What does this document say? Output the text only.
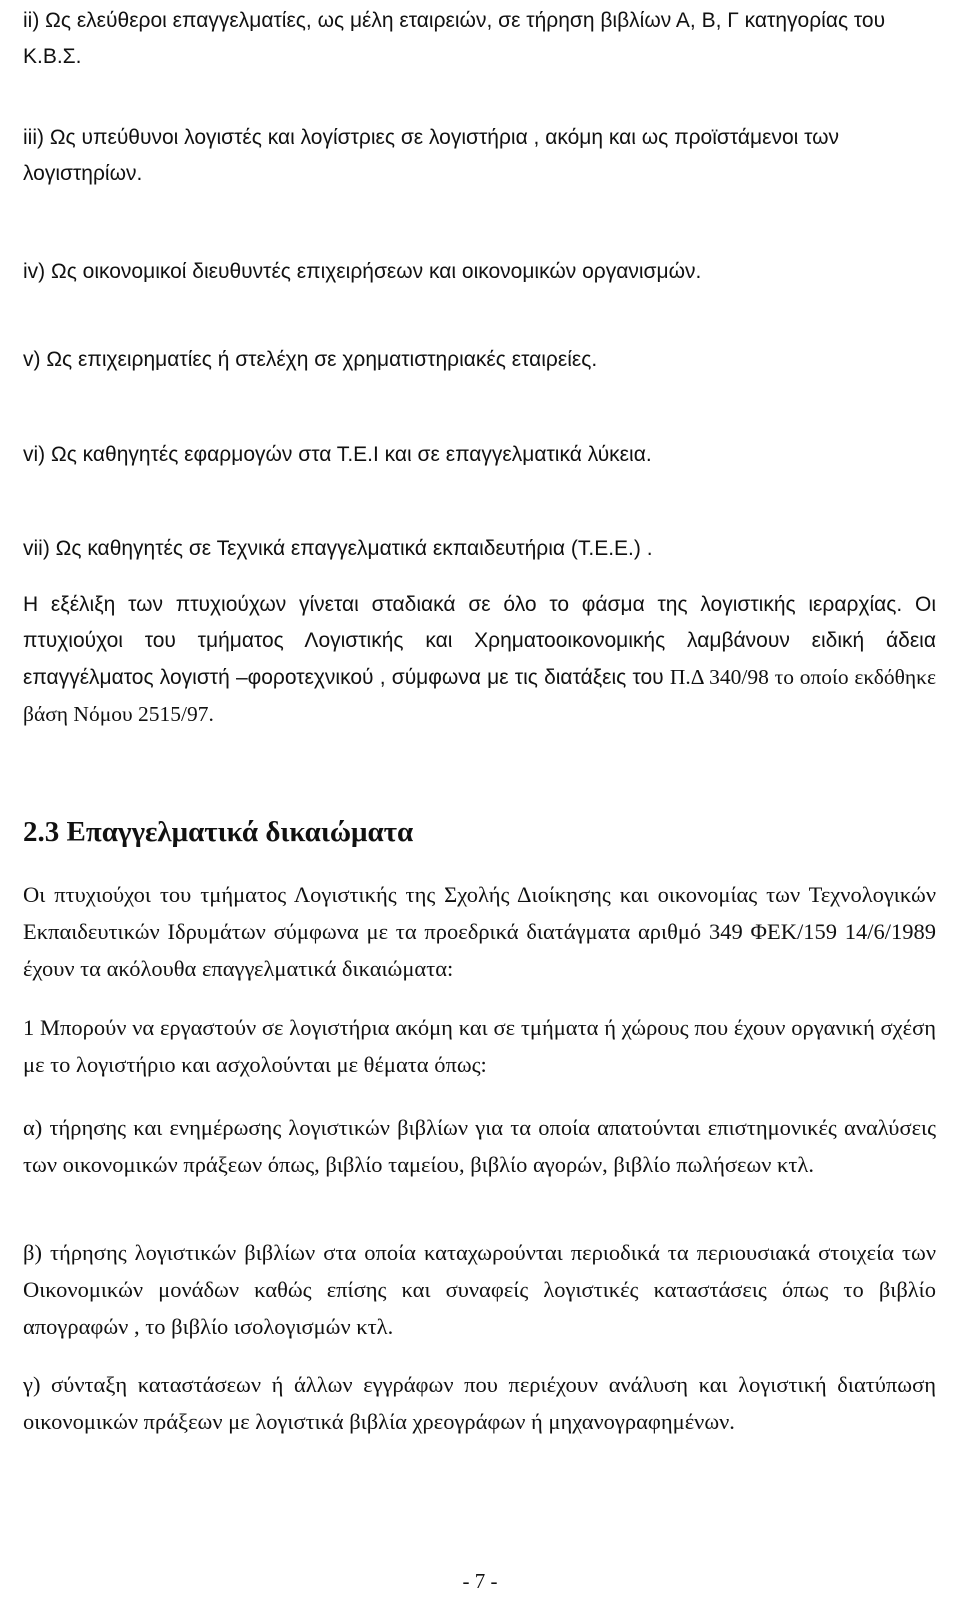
ii) Ως ελεύθεροι επαγγελματίες, ως μέλη εταιρειών, σε τήρηση βιβλίων Α, Β, Γ κατηγορίας του Κ.Β.Σ.

iii) Ως υπεύθυνοι λογιστές και λογίστριες σε λογιστήρια , ακόμη και ως προϊστάμενοι των λογιστηρίων.

iv) Ως οικονομικοί διευθυντές επιχειρήσεων και οικονομικών οργανισμών.

v) Ως επιχειρηματίες ή στελέχη σε χρηματιστηριακές εταιρείες.

vi) Ως καθηγητές εφαρμογών στα Τ.Ε.Ι και σε επαγγελματικά λύκεια.

vii) Ως καθηγητές σε Τεχνικά επαγγελματικά εκπαιδευτήρια (Τ.Ε.Ε.) .

Η εξέλιξη των πτυχιούχων γίνεται σταδιακά σε όλο το φάσμα της λογιστικής ιεραρχίας. Οι πτυχιούχοι του τμήματος Λογιστικής και Χρηματοοικονομικής λαμβάνουν ειδική άδεια επαγγέλματος λογιστή –φοροτεχνικού , σύμφωνα με τις διατάξεις του Π.Δ 340/98 το οποίο εκδόθηκε βάση Νόμου 2515/97.

2.3 Επαγγελματικά δικαιώματα

Οι πτυχιούχοι του τμήματος Λογιστικής της Σχολής Διοίκησης και οικονομίας των Τεχνολογικών Εκπαιδευτικών Ιδρυμάτων σύμφωνα με τα προεδρικά διατάγματα αριθμό 349 ΦΕΚ/159 14/6/1989 έχουν τα ακόλουθα επαγγελματικά δικαιώματα:

1 Μπορούν να εργαστούν σε λογιστήρια ακόμη και σε τμήματα ή χώρους που έχουν οργανική σχέση με το λογιστήριο και ασχολούνται με θέματα όπως:

α) τήρησης και ενημέρωσης λογιστικών βιβλίων για τα οποία απατούνται επιστημονικές αναλύσεις των οικονομικών πράξεων όπως, βιβλίο ταμείου, βιβλίο αγορών, βιβλίο πωλήσεων κτλ.

β) τήρησης λογιστικών βιβλίων στα οποία καταχωρούνται περιοδικά τα περιουσιακά στοιχεία των Οικονομικών μονάδων καθώς επίσης και συναφείς λογιστικές καταστάσεις όπως το βιβλίο απογραφών , το βιβλίο ισολογισμών κτλ.

γ) σύνταξη καταστάσεων ή άλλων εγγράφων που περιέχουν ανάλυση και λογιστική διατύπωση οικονομικών πράξεων με λογιστικά βιβλία χρεογράφων ή μηχανογραφημένων.

- 7 -
